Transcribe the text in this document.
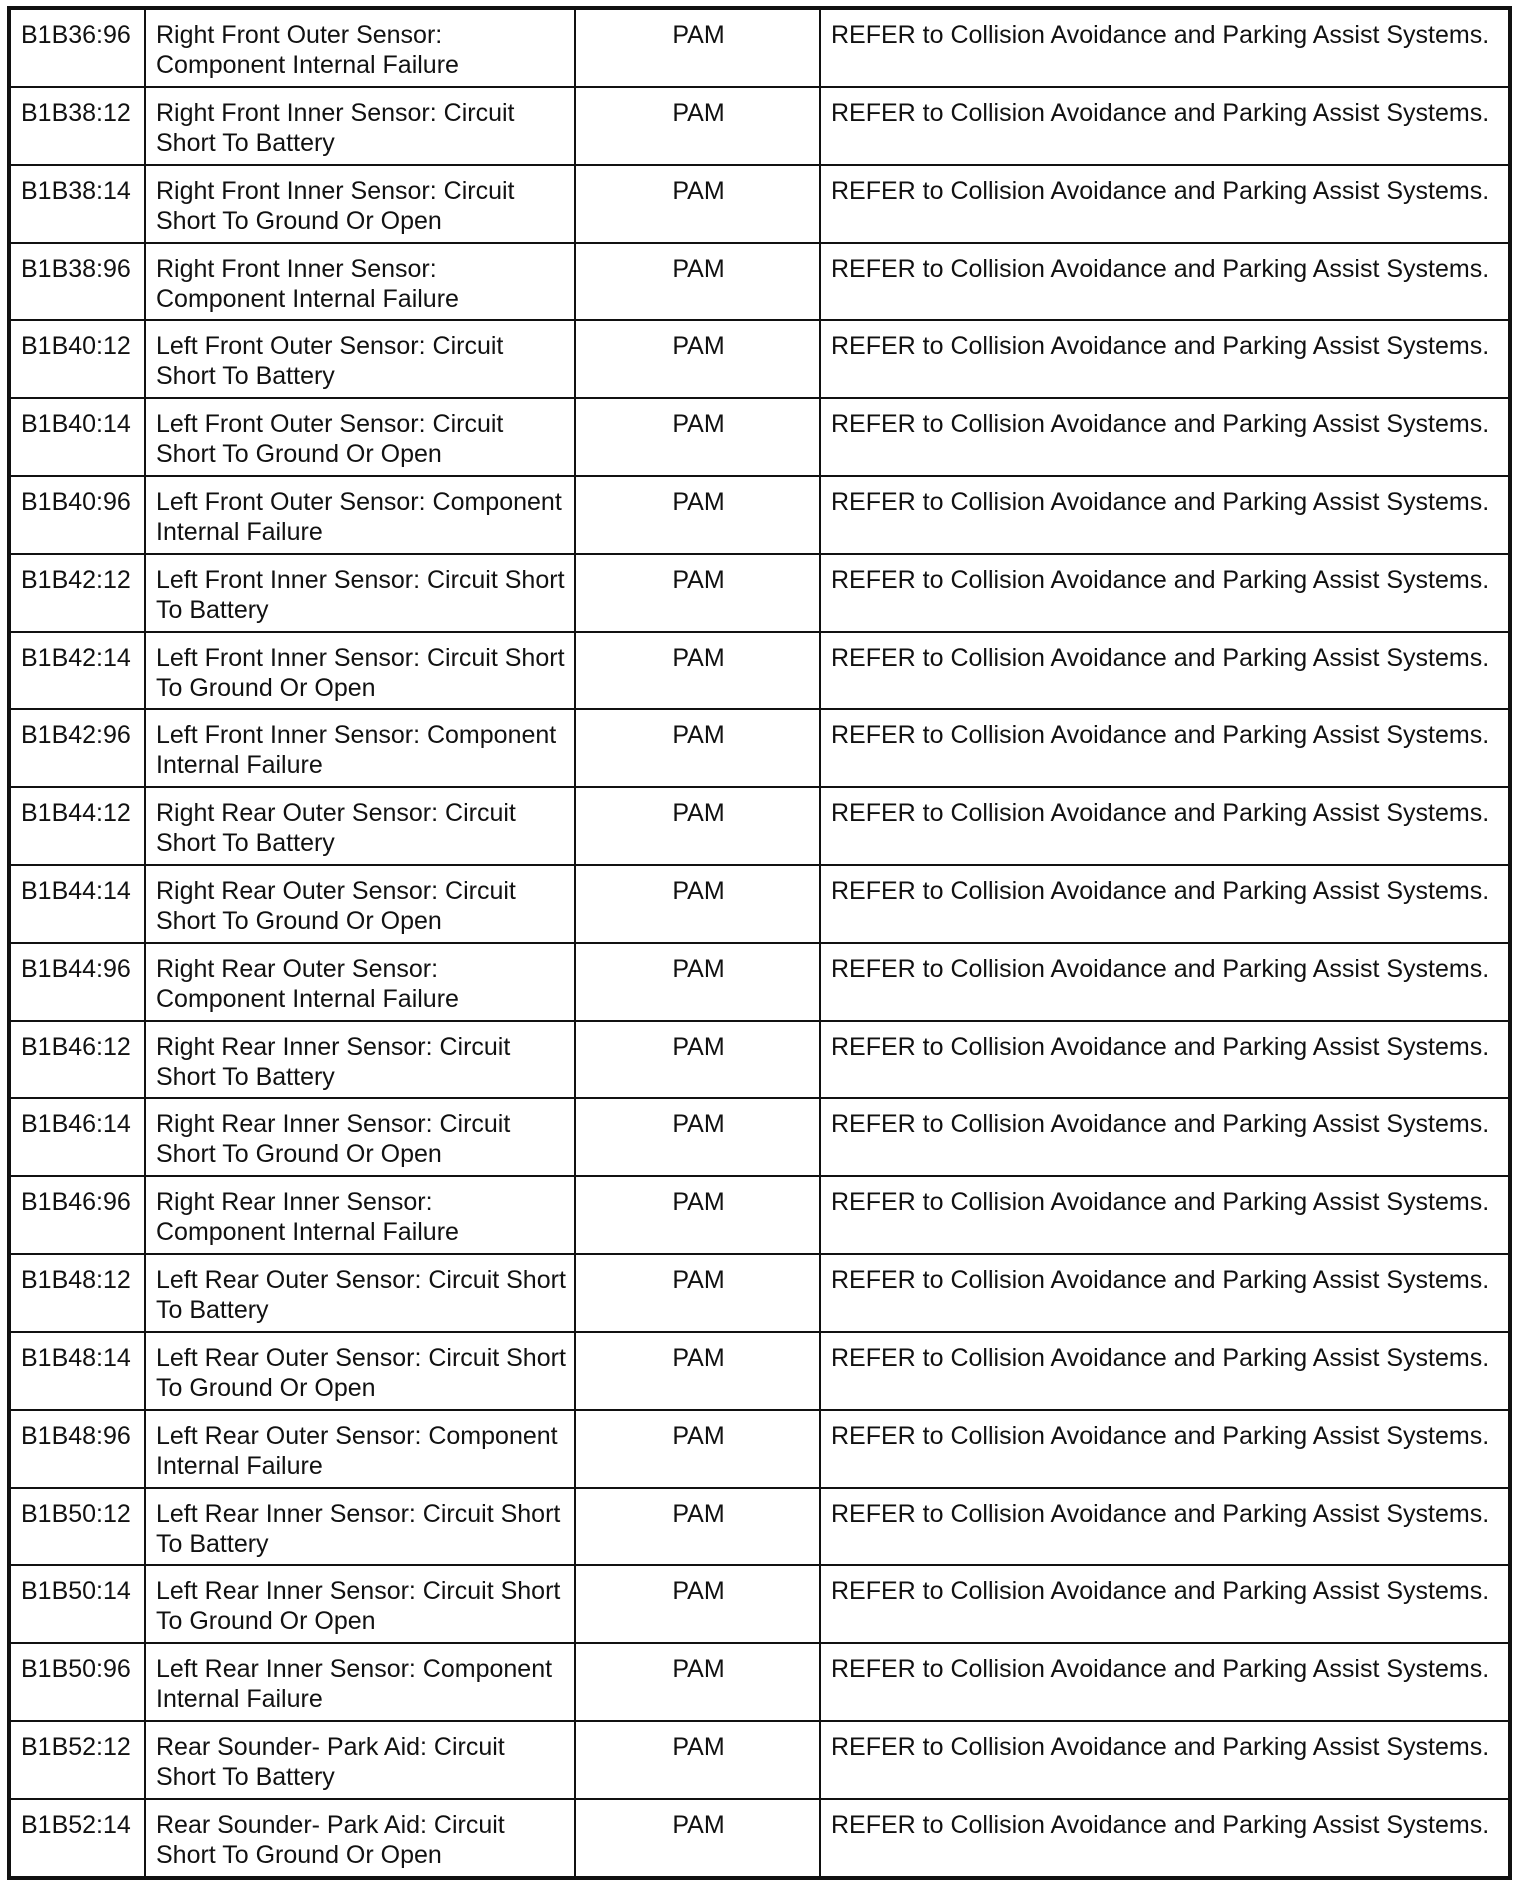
B1B36:96	Right Front Outer Sensor: Component Internal Failure	PAM	REFER to Collision Avoidance and Parking Assist Systems.
B1B38:12	Right Front Inner Sensor: Circuit Short To Battery	PAM	REFER to Collision Avoidance and Parking Assist Systems.
B1B38:14	Right Front Inner Sensor: Circuit Short To Ground Or Open	PAM	REFER to Collision Avoidance and Parking Assist Systems.
B1B38:96	Right Front Inner Sensor: Component Internal Failure	PAM	REFER to Collision Avoidance and Parking Assist Systems.
B1B40:12	Left Front Outer Sensor: Circuit Short To Battery	PAM	REFER to Collision Avoidance and Parking Assist Systems.
B1B40:14	Left Front Outer Sensor: Circuit Short To Ground Or Open	PAM	REFER to Collision Avoidance and Parking Assist Systems.
B1B40:96	Left Front Outer Sensor: Component Internal Failure	PAM	REFER to Collision Avoidance and Parking Assist Systems.
B1B42:12	Left Front Inner Sensor: Circuit Short To Battery	PAM	REFER to Collision Avoidance and Parking Assist Systems.
B1B42:14	Left Front Inner Sensor: Circuit Short To Ground Or Open	PAM	REFER to Collision Avoidance and Parking Assist Systems.
B1B42:96	Left Front Inner Sensor: Component Internal Failure	PAM	REFER to Collision Avoidance and Parking Assist Systems.
B1B44:12	Right Rear Outer Sensor: Circuit Short To Battery	PAM	REFER to Collision Avoidance and Parking Assist Systems.
B1B44:14	Right Rear Outer Sensor: Circuit Short To Ground Or Open	PAM	REFER to Collision Avoidance and Parking Assist Systems.
B1B44:96	Right Rear Outer Sensor: Component Internal Failure	PAM	REFER to Collision Avoidance and Parking Assist Systems.
B1B46:12	Right Rear Inner Sensor: Circuit Short To Battery	PAM	REFER to Collision Avoidance and Parking Assist Systems.
B1B46:14	Right Rear Inner Sensor: Circuit Short To Ground Or Open	PAM	REFER to Collision Avoidance and Parking Assist Systems.
B1B46:96	Right Rear Inner Sensor: Component Internal Failure	PAM	REFER to Collision Avoidance and Parking Assist Systems.
B1B48:12	Left Rear Outer Sensor: Circuit Short To Battery	PAM	REFER to Collision Avoidance and Parking Assist Systems.
B1B48:14	Left Rear Outer Sensor: Circuit Short To Ground Or Open	PAM	REFER to Collision Avoidance and Parking Assist Systems.
B1B48:96	Left Rear Outer Sensor: Component Internal Failure	PAM	REFER to Collision Avoidance and Parking Assist Systems.
B1B50:12	Left Rear Inner Sensor: Circuit Short To Battery	PAM	REFER to Collision Avoidance and Parking Assist Systems.
B1B50:14	Left Rear Inner Sensor: Circuit Short To Ground Or Open	PAM	REFER to Collision Avoidance and Parking Assist Systems.
B1B50:96	Left Rear Inner Sensor: Component Internal Failure	PAM	REFER to Collision Avoidance and Parking Assist Systems.
B1B52:12	Rear Sounder- Park Aid: Circuit Short To Battery	PAM	REFER to Collision Avoidance and Parking Assist Systems.
B1B52:14	Rear Sounder- Park Aid: Circuit Short To Ground Or Open	PAM	REFER to Collision Avoidance and Parking Assist Systems.
